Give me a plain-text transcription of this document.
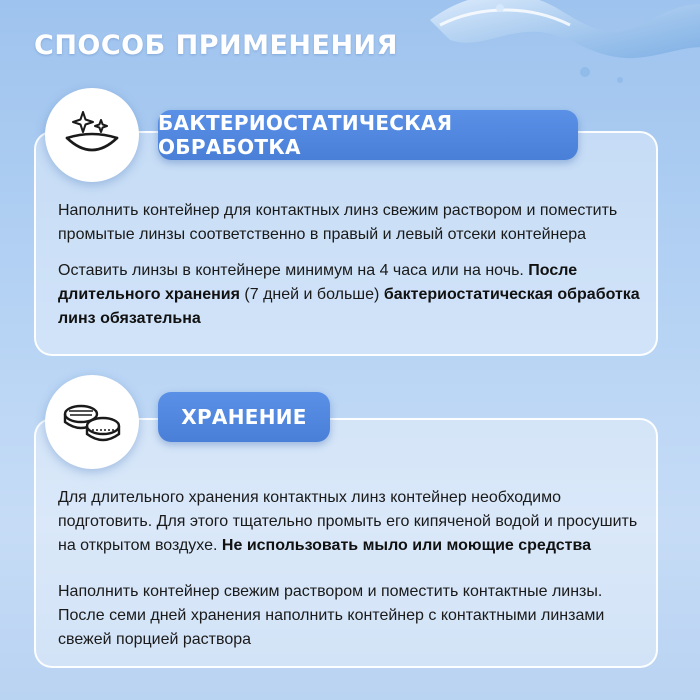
СПОСОБ ПРИМЕНЕНИЯ
БАКТЕРИОСТАТИЧЕСКАЯ ОБРАБОТКА

Наполнить контейнер для контактных линз свежим раствором и поместить промытые линзы соответственно в правый и левый отсеки контейнера

Оставить линзы в контейнере минимум на 4 часа или на ночь. После длительного хранения (7 дней и больше) бактериостатическая обработка линз обязательна

ХРАНЕНИЕ

Для длительного хранения контактных линз контейнер необходимо подготовить. Для этого тщательно промыть его кипяченой водой и просушить на открытом воздухе. Не использовать мыло или моющие средства

Наполнить контейнер свежим раствором и поместить контактные линзы. После семи дней хранения наполнить контейнер с контактными линзами свежей порцией раствора
